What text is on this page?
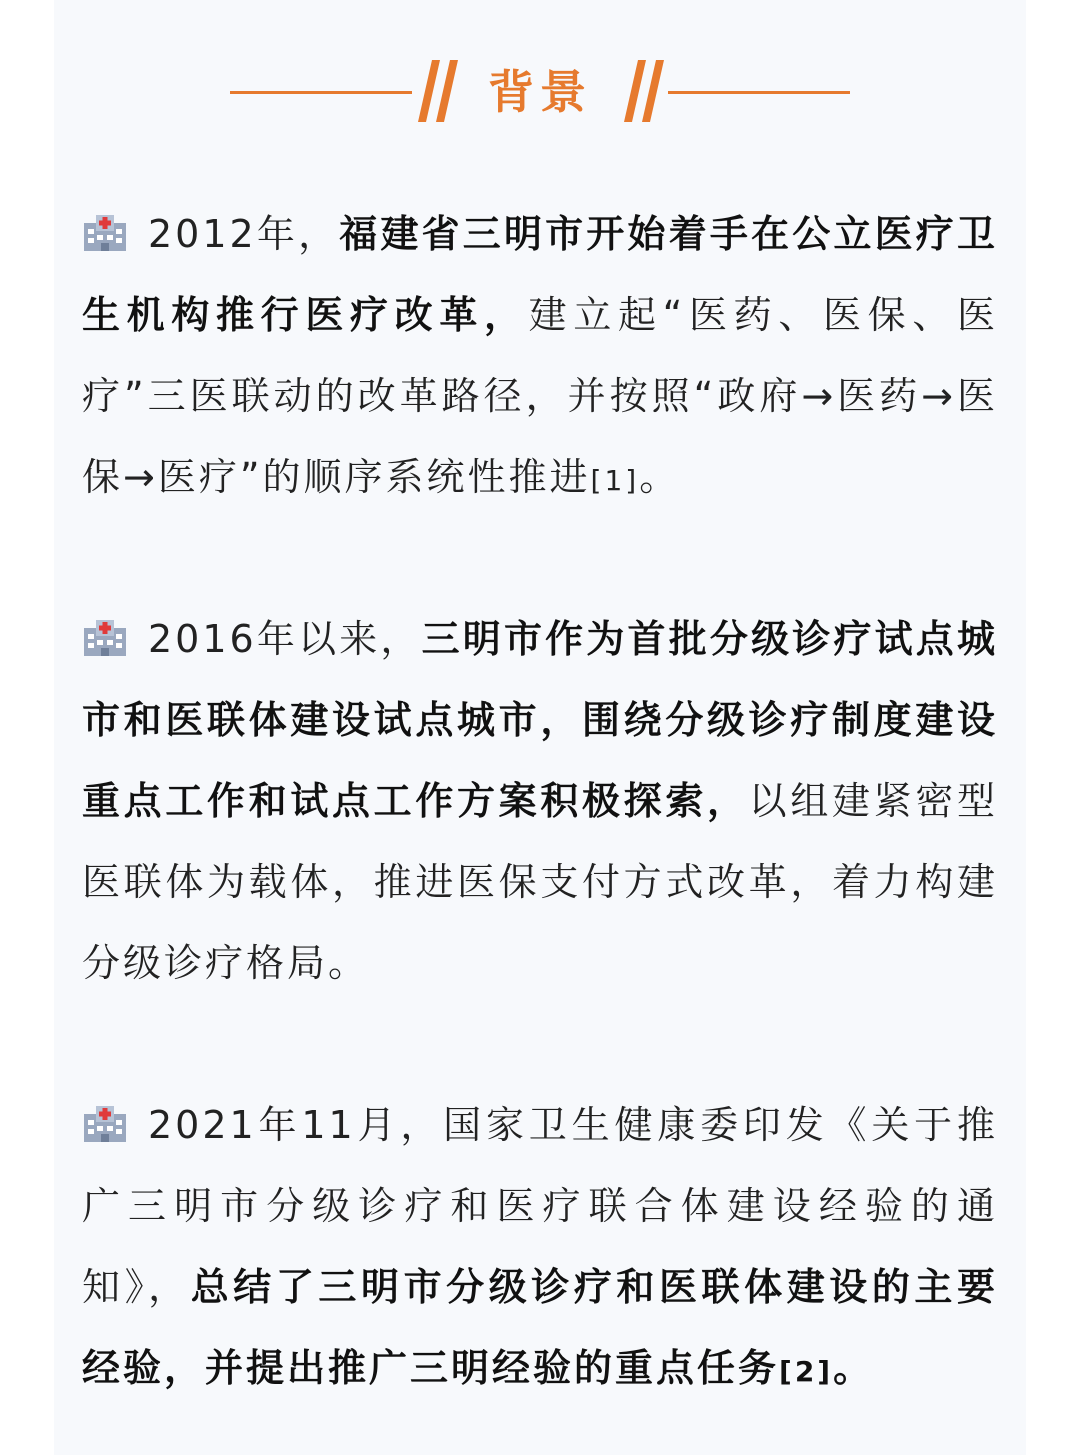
背景
2012年，福建省三明市开始着手在公立医疗卫生机构推行医疗改革，建立起“医药、医保、医疗”三医联动的改革路径，并按照“政府→医药→医保→医疗”的顺序系统性推进[1]。
2016年以来，三明市作为首批分级诊疗试点城市和医联体建设试点城市，围绕分级诊疗制度建设重点工作和试点工作方案积极探索，以组建紧密型医联体为载体，推进医保支付方式改革，着力构建分级诊疗格局。
2021年11月，国家卫生健康委印发《关于推广三明市分级诊疗和医疗联合体建设经验的通知》，总结了三明市分级诊疗和医联体建设的主要经验，并提出推广三明经验的重点任务[2]。
